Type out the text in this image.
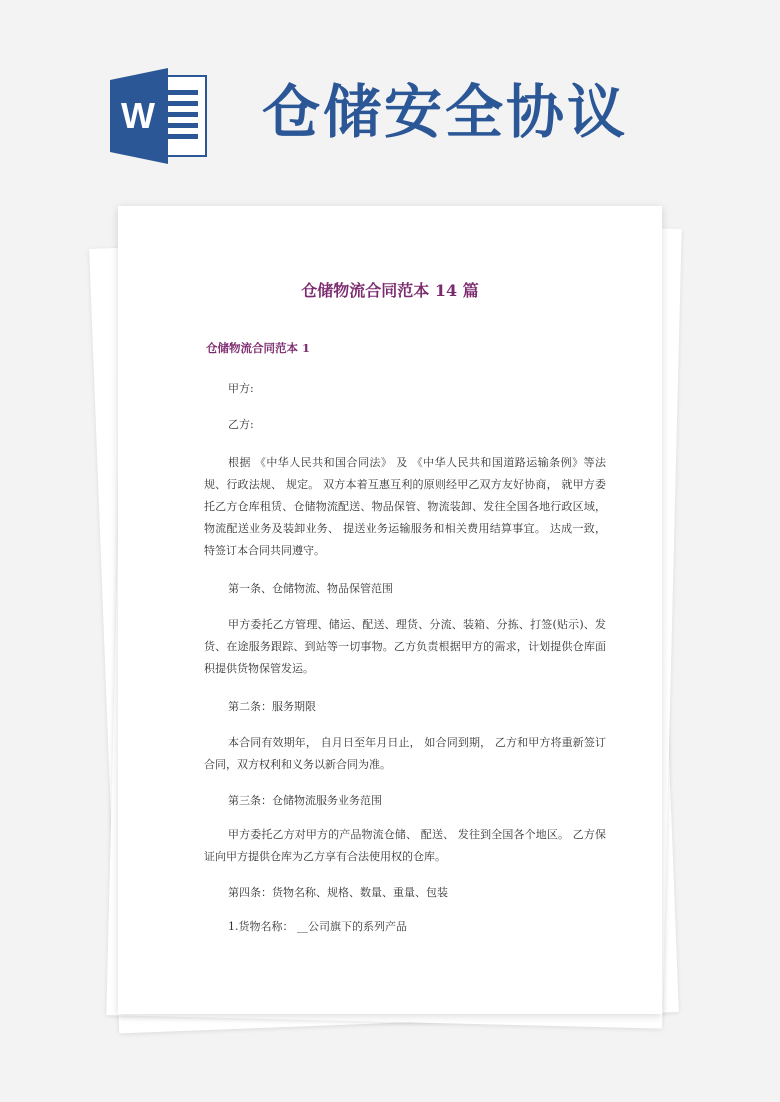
W 仓储安全协议
仓储物流合同范本 14 篇
仓储物流合同范本 1
甲方:
乙方:
根据 《中华人民共和国合同法》 及 《中华人民共和国道路运输条例》等法规、行政法规、 规定。 双方本着互惠互利的原则经甲乙双方友好协商， 就甲方委托乙方仓库租赁、仓储物流配送、物品保管、物流装卸、发往全国各地行政区域，物流配送业务及装卸业务、 提送业务运输服务和相关费用结算事宜。 达成一致， 特签订本合同共同遵守。
第一条、仓储物流、物品保管范围
甲方委托乙方管理、储运、配送、理货、分流、装箱、分拣、打签(贴示)、发货、在途服务跟踪、到站等一切事物。乙方负责根据甲方的需求，计划提供仓库面积提供货物保管发运。
第二条：服务期限
本合同有效期年， 自月日至年月日止， 如合同到期， 乙方和甲方将重新签订合同，双方权利和义务以新合同为准。
第三条：仓储物流服务业务范围
甲方委托乙方对甲方的产品物流仓储、 配送、 发往到全国各个地区。 乙方保证向甲方提供仓库为乙方享有合法使用权的仓库。
第四条：货物名称、规格、数量、重量、包装
1.货物名称： __公司旗下的系列产品
